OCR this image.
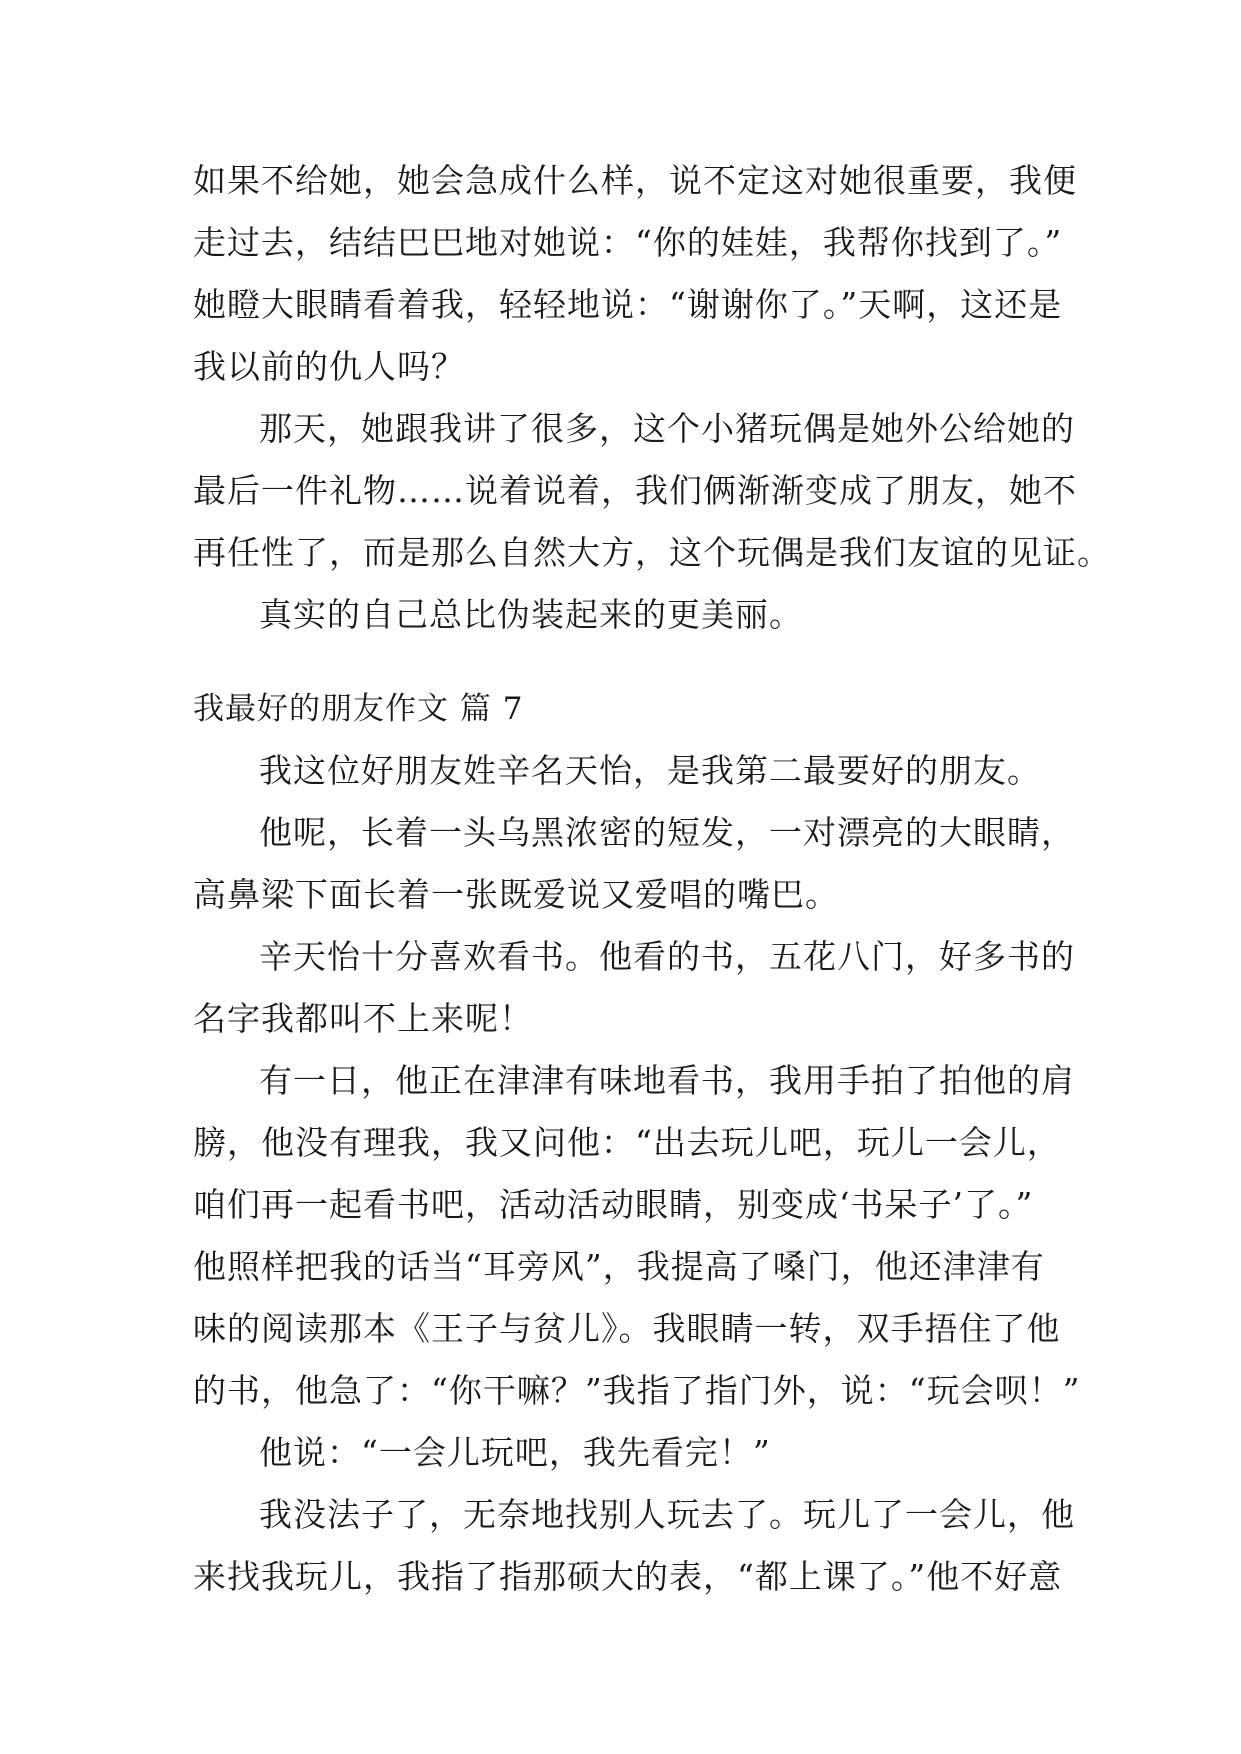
如果不给她，她会急成什么样，说不定这对她很重要，我便
走过去，结结巴巴地对她说：“你的娃娃，我帮你找到了。”
她瞪大眼睛看着我，轻轻地说：“谢谢你了。”天啊，这还是
我以前的仇人吗？
那天，她跟我讲了很多，这个小猪玩偶是她外公给她的
最后一件礼物……说着说着，我们俩渐渐变成了朋友，她不
再任性了，而是那么自然大方，这个玩偶是我们友谊的见证。
真实的自己总比伪装起来的更美丽。
我最好的朋友作文 篇 7
我这位好朋友姓辛名天怡，是我第二最要好的朋友。
他呢，长着一头乌黑浓密的短发，一对漂亮的大眼睛，
高鼻梁下面长着一张既爱说又爱唱的嘴巴。
辛天怡十分喜欢看书。他看的书，五花八门，好多书的
名字我都叫不上来呢！
有一日，他正在津津有味地看书，我用手拍了拍他的肩
膀，他没有理我，我又问他：“出去玩儿吧，玩儿一会儿，
咱们再一起看书吧，活动活动眼睛，别变成‘书呆子’了。”
他照样把我的话当“耳旁风”，我提高了嗓门，他还津津有
味的阅读那本《王子与贫儿》。我眼睛一转，双手捂住了他
的书，他急了：“你干嘛？”我指了指门外，说：“玩会呗！”
他说：“一会儿玩吧，我先看完！”
我没法子了，无奈地找别人玩去了。玩儿了一会儿，他
来找我玩儿，我指了指那硕大的表，“都上课了。”他不好意
